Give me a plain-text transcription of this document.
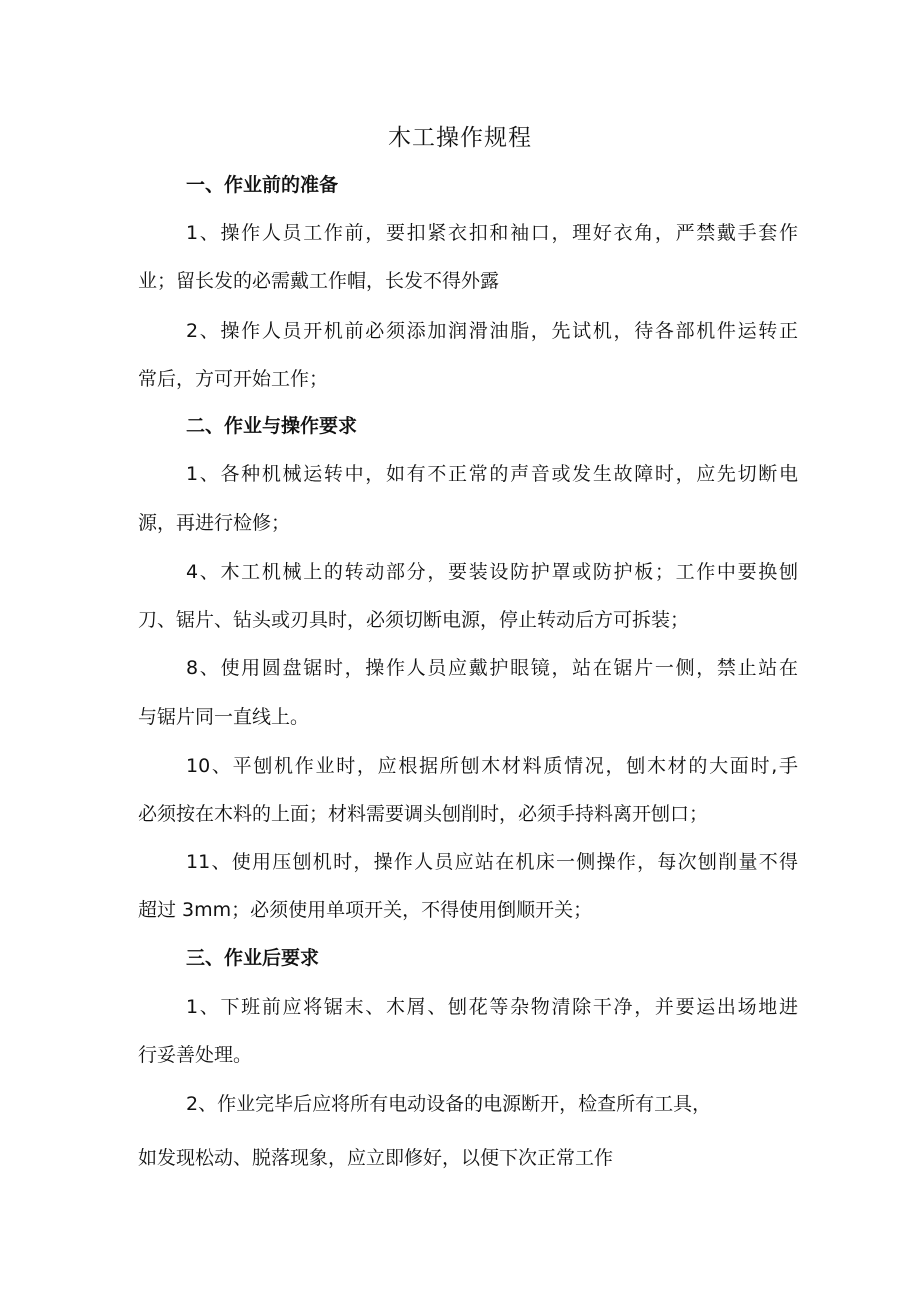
木工操作规程
一、作业前的准备
1、操作人员工作前，要扣紧衣扣和袖口，理好衣角，严禁戴手套作
业；留长发的必需戴工作帽，长发不得外露
2、操作人员开机前必须添加润滑油脂，先试机，待各部机件运转正
常后，方可开始工作；
二、作业与操作要求
1、各种机械运转中，如有不正常的声音或发生故障时，应先切断电
源，再进行检修；
4、木工机械上的转动部分，要装设防护罩或防护板；工作中要换刨
刀、锯片、钻头或刃具时，必须切断电源，停止转动后方可拆装；
8、使用圆盘锯时，操作人员应戴护眼镜，站在锯片一侧，禁止站在
与锯片同一直线上。
10、平刨机作业时，应根据所刨木材料质情况，刨木材的大面时,手
必须按在木料的上面；材料需要调头刨削时，必须手持料离开刨口；
11、使用压刨机时，操作人员应站在机床一侧操作，每次刨削量不得
超过 3mm；必须使用单项开关，不得使用倒顺开关；
三、作业后要求
1、下班前应将锯末、木屑、刨花等杂物清除干净，并要运出场地进
行妥善处理。
2、作业完毕后应将所有电动设备的电源断开，检查所有工具，
如发现松动、脱落现象，应立即修好，以便下次正常工作
